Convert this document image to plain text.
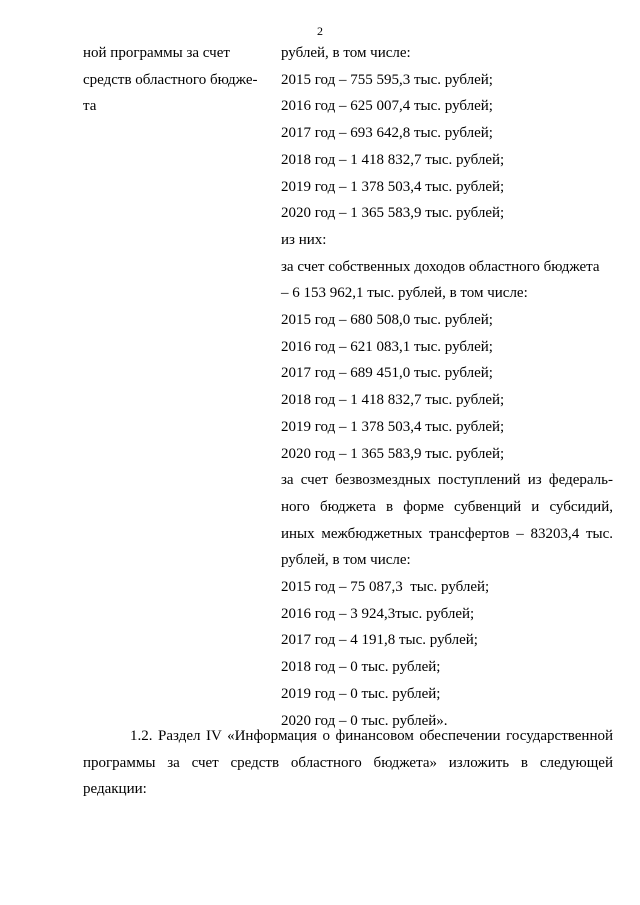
2
ной программы за счет
средств областного бюдже-
та
рублей, в том числе:
2015 год – 755 595,3 тыс. рублей;
2016 год – 625 007,4 тыс. рублей;
2017 год – 693 642,8 тыс. рублей;
2018 год – 1 418 832,7 тыс. рублей;
2019 год – 1 378 503,4 тыс. рублей;
2020 год – 1 365 583,9 тыс. рублей;
из них:
за счет собственных доходов областного бюджета
– 6 153 962,1 тыс. рублей, в том числе:
2015 год – 680 508,0 тыс. рублей;
2016 год – 621 083,1 тыс. рублей;
2017 год – 689 451,0 тыс. рублей;
2018 год – 1 418 832,7 тыс. рублей;
2019 год – 1 378 503,4 тыс. рублей;
2020 год – 1 365 583,9 тыс. рублей;
за счет безвозмездных поступлений из федераль-
ного бюджета в форме субвенций и субсидий,
иных межбюджетных трансфертов – 83203,4 тыс.
рублей, в том числе:
2015 год – 75 087,3  тыс. рублей;
2016 год – 3 924,3тыс. рублей;
2017 год – 4 191,8 тыс. рублей;
2018 год – 0 тыс. рублей;
2019 год – 0 тыс. рублей;
2020 год – 0 тыс. рублей».
1.2. Раздел IV «Информация о финансовом обеспечении государственной
программы за счет средств областного бюджета» изложить в следующей
редакции:
